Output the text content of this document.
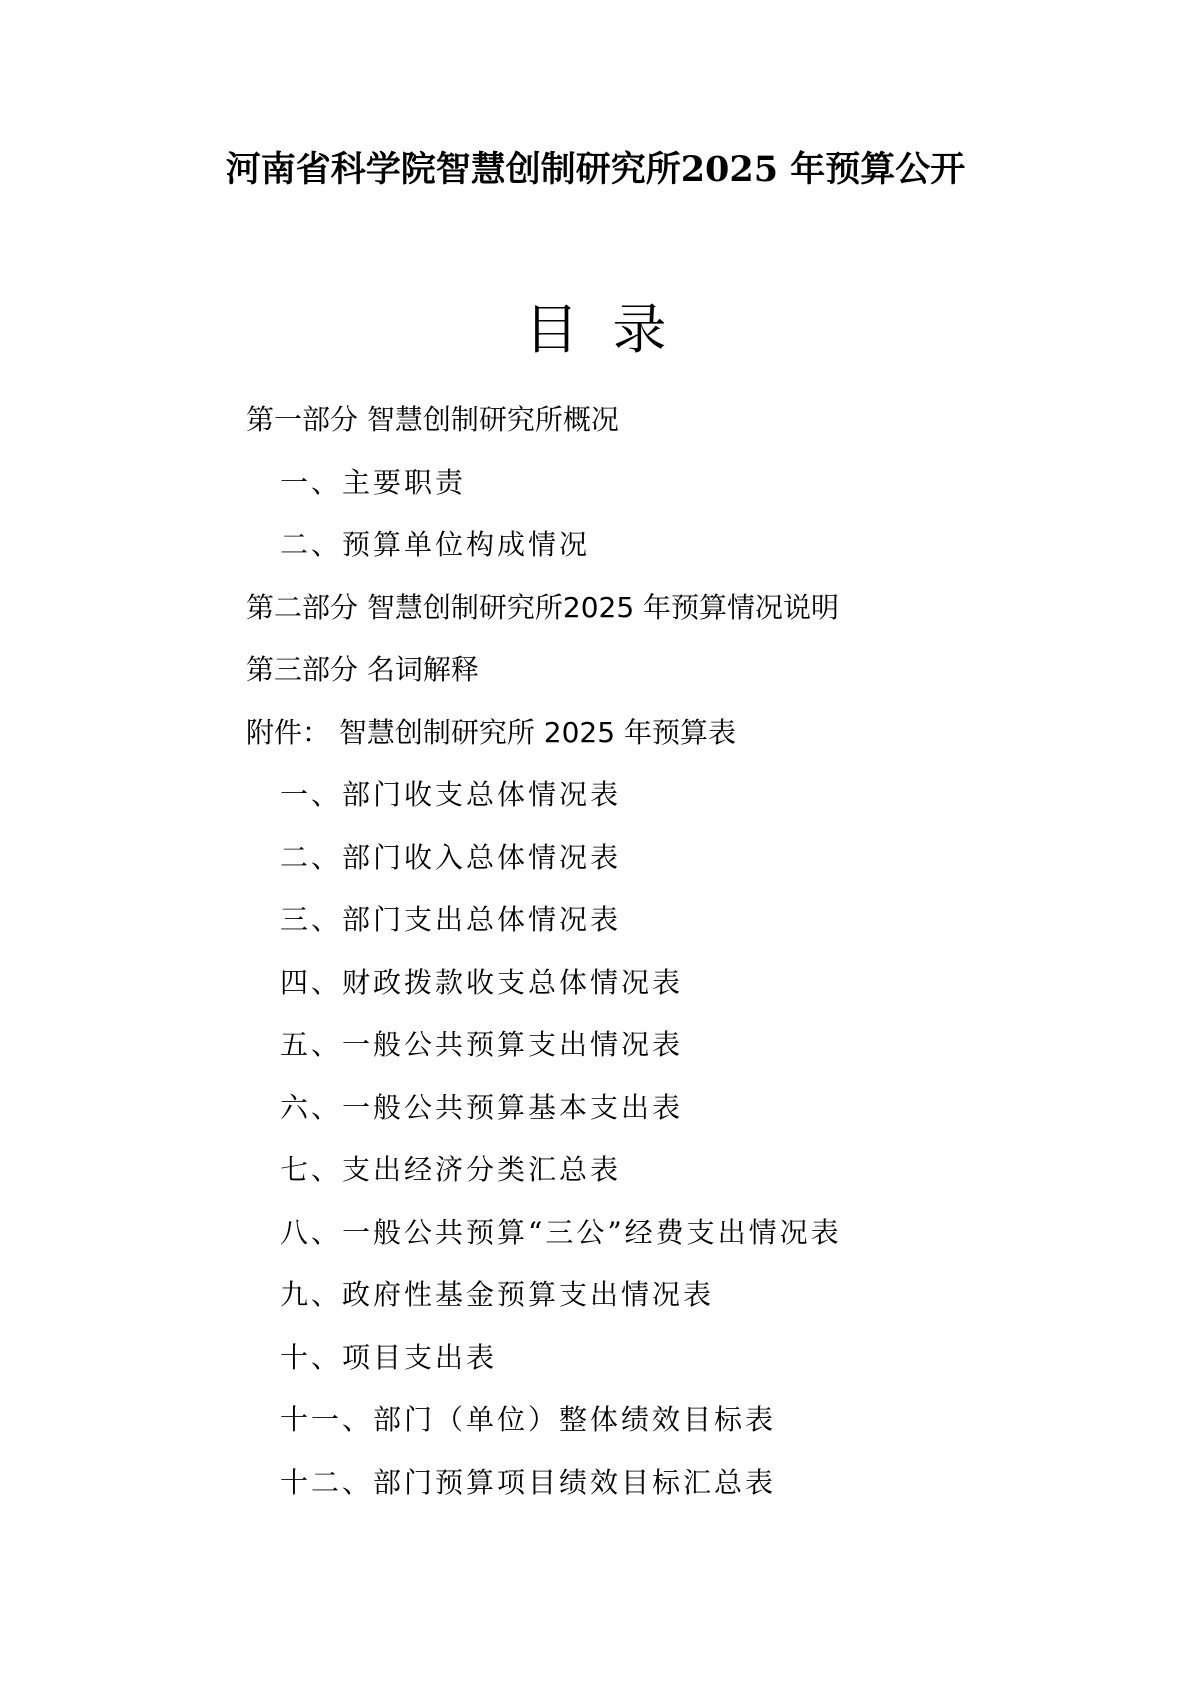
河南省科学院智慧创制研究所2025 年预算公开
目录
第一部分 智慧创制研究所概况
一、主要职责
二、预算单位构成情况
第二部分 智慧创制研究所2025 年预算情况说明
第三部分 名词解释
附件： 智慧创制研究所 2025 年预算表
一、部门收支总体情况表
二、部门收入总体情况表
三、部门支出总体情况表
四、财政拨款收支总体情况表
五、一般公共预算支出情况表
六、一般公共预算基本支出表
七、支出经济分类汇总表
八、一般公共预算“三公”经费支出情况表
九、政府性基金预算支出情况表
十、项目支出表
十一、部门（单位）整体绩效目标表
十二、部门预算项目绩效目标汇总表
